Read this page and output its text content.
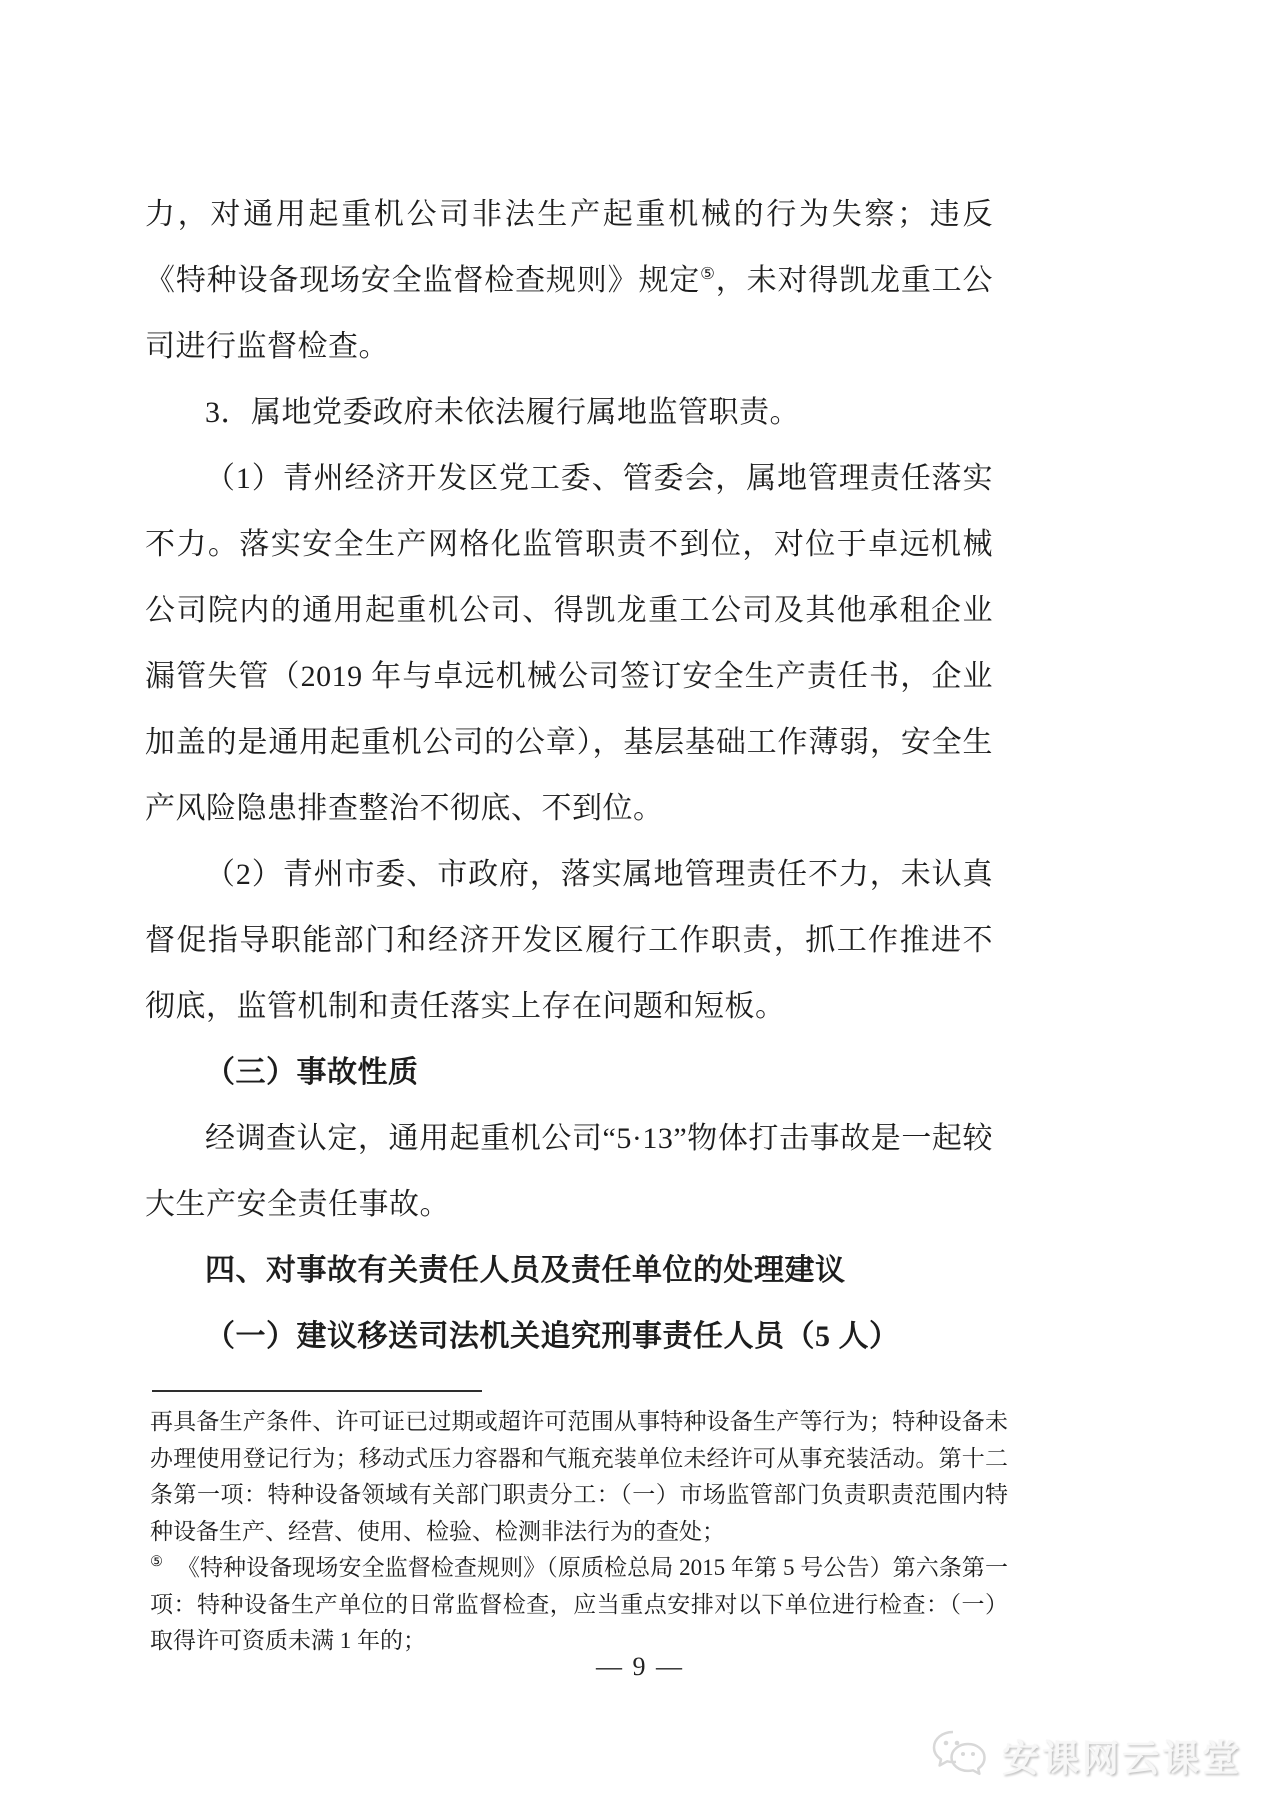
力，对通用起重机公司非法生产起重机械的行为失察；违反《特种设备现场安全监督检查规则》规定⑤，未对得凯龙重工公司进行监督检查。

3．属地党委政府未依法履行属地监管职责。

（1）青州经济开发区党工委、管委会，属地管理责任落实不力。落实安全生产网格化监管职责不到位，对位于卓远机械公司院内的通用起重机公司、得凯龙重工公司及其他承租企业漏管失管（2019 年与卓远机械公司签订安全生产责任书，企业加盖的是通用起重机公司的公章），基层基础工作薄弱，安全生产风险隐患排查整治不彻底、不到位。

（2）青州市委、市政府，落实属地管理责任不力，未认真督促指导职能部门和经济开发区履行工作职责，抓工作推进不彻底，监管机制和责任落实上存在问题和短板。

（三）事故性质

经调查认定，通用起重机公司“5·13”物体打击事故是一起较大生产安全责任事故。

四、对事故有关责任人员及责任单位的处理建议

（一）建议移送司法机关追究刑事责任人员（5 人）

再具备生产条件、许可证已过期或超许可范围从事特种设备生产等行为；特种设备未办理使用登记行为；移动式压力容器和气瓶充装单位未经许可从事充装活动。第十二条第一项：特种设备领域有关部门职责分工：（一）市场监管部门负责职责范围内特种设备生产、经营、使用、检验、检测非法行为的查处；

⑤ 《特种设备现场安全监督检查规则》（原质检总局 2015 年第 5 号公告）第六条第一项：特种设备生产单位的日常监督检查，应当重点安排对以下单位进行检查：（一）取得许可资质未满 1 年的；

— 9 —
安课网云课堂
